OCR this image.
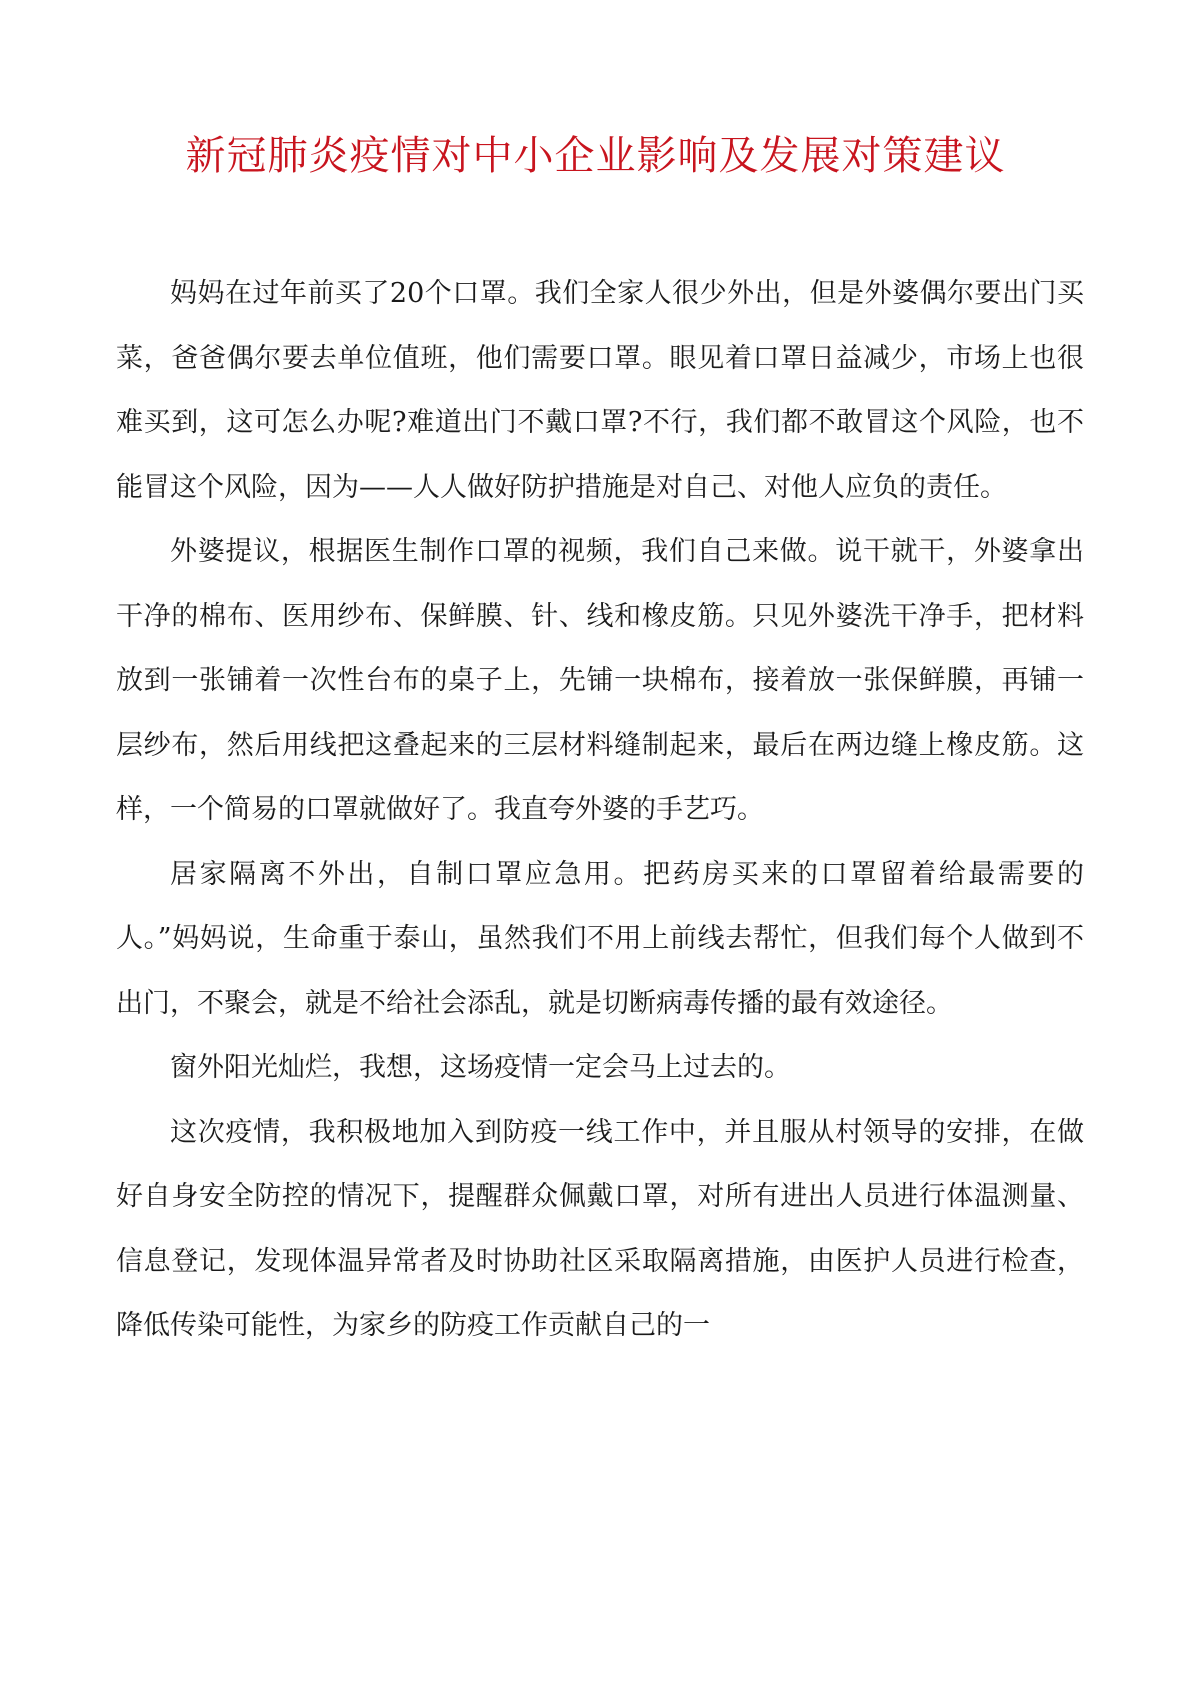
新冠肺炎疫情对中小企业影响及发展对策建议

妈妈在过年前买了20个口罩。我们全家人很少外出，但是外婆偶尔要出门买菜，爸爸偶尔要去单位值班，他们需要口罩。眼见着口罩日益减少，市场上也很难买到，这可怎么办呢?难道出门不戴口罩?不行，我们都不敢冒这个风险，也不能冒这个风险，因为——人人做好防护措施是对自己、对他人应负的责任。

外婆提议，根据医生制作口罩的视频，我们自己来做。说干就干，外婆拿出干净的棉布、医用纱布、保鲜膜、针、线和橡皮筋。只见外婆洗干净手，把材料放到一张铺着一次性台布的桌子上，先铺一块棉布，接着放一张保鲜膜，再铺一层纱布，然后用线把这叠起来的三层材料缝制起来，最后在两边缝上橡皮筋。这样，一个简易的口罩就做好了。我直夸外婆的手艺巧。

居家隔离不外出，自制口罩应急用。把药房买来的口罩留着给最需要的人。”妈妈说，生命重于泰山，虽然我们不用上前线去帮忙，但我们每个人做到不出门，不聚会，就是不给社会添乱，就是切断病毒传播的最有效途径。

窗外阳光灿烂，我想，这场疫情一定会马上过去的。

这次疫情，我积极地加入到防疫一线工作中，并且服从村领导的安排，在做好自身安全防控的情况下，提醒群众佩戴口罩，对所有进出人员进行体温测量、信息登记，发现体温异常者及时协助社区采取隔离措施，由医护人员进行检查，降低传染可能性，为家乡的防疫工作贡献自己的一
